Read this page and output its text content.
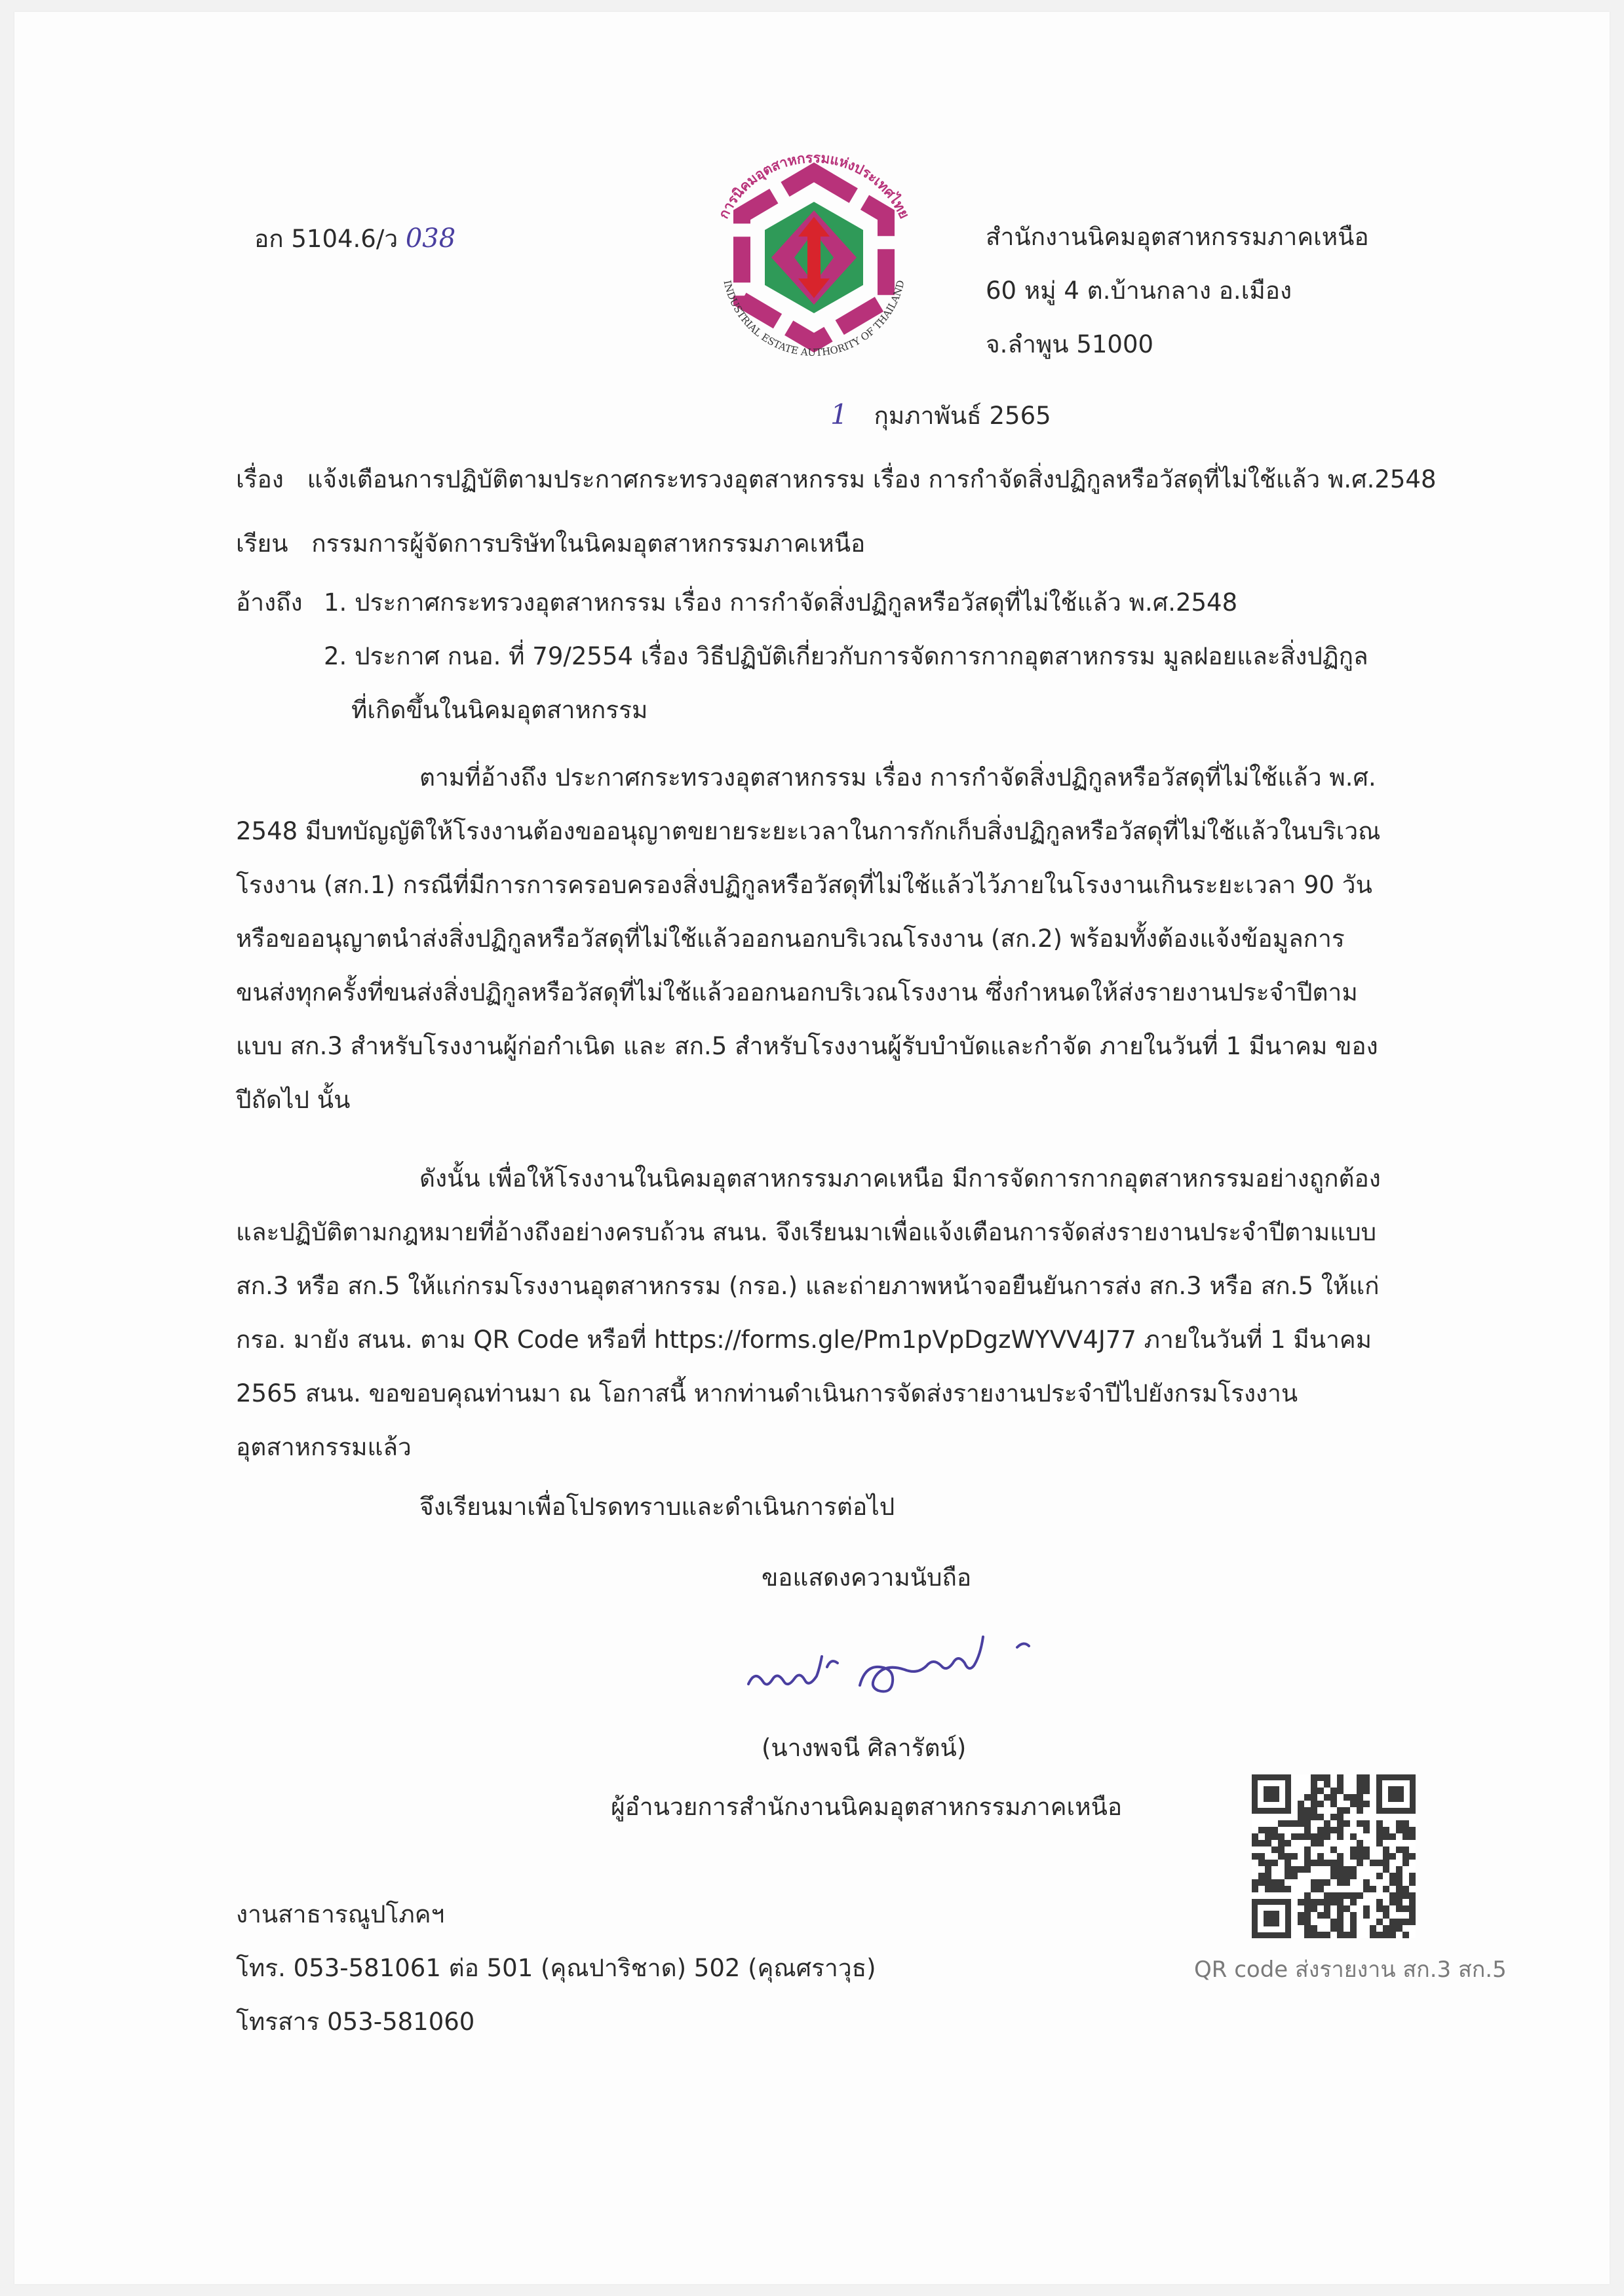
อก 5104.6/ว 038
การนิคมอุตสาหกรรมแห่งประเทศไทย
INDUSTRIAL ESTATE AUTHORITY OF THAILAND
สำนักงานนิคมอุตสาหกรรมภาคเหนือ
60 หมู่ 4 ต.บ้านกลาง อ.เมือง
จ.ลำพูน 51000
1 กุมภาพันธ์ 2565
เรื่อง แจ้งเตือนการปฏิบัติตามประกาศกระทรวงอุตสาหกรรม เรื่อง การกำจัดสิ่งปฏิกูลหรือวัสดุที่ไม่ใช้แล้ว พ.ศ.2548
เรียน กรรมการผู้จัดการบริษัทในนิคมอุตสาหกรรมภาคเหนือ
อ้างถึง 1. ประกาศกระทรวงอุตสาหกรรม เรื่อง การกำจัดสิ่งปฏิกูลหรือวัสดุที่ไม่ใช้แล้ว พ.ศ.2548
2. ประกาศ กนอ. ที่ 79/2554 เรื่อง วิธีปฏิบัติเกี่ยวกับการจัดการกากอุตสาหกรรม มูลฝอยและสิ่งปฏิกูล
ที่เกิดขึ้นในนิคมอุตสาหกรรม
ตามที่อ้างถึง ประกาศกระทรวงอุตสาหกรรม เรื่อง การกำจัดสิ่งปฏิกูลหรือวัสดุที่ไม่ใช้แล้ว พ.ศ.
2548 มีบทบัญญัติให้โรงงานต้องขออนุญาตขยายระยะเวลาในการกักเก็บสิ่งปฏิกูลหรือวัสดุที่ไม่ใช้แล้วในบริเวณ
โรงงาน (สก.1) กรณีที่มีการการครอบครองสิ่งปฏิกูลหรือวัสดุที่ไม่ใช้แล้วไว้ภายในโรงงานเกินระยะเวลา 90 วัน
หรือขออนุญาตนำส่งสิ่งปฏิกูลหรือวัสดุที่ไม่ใช้แล้วออกนอกบริเวณโรงงาน (สก.2) พร้อมทั้งต้องแจ้งข้อมูลการ
ขนส่งทุกครั้งที่ขนส่งสิ่งปฏิกูลหรือวัสดุที่ไม่ใช้แล้วออกนอกบริเวณโรงงาน ซึ่งกำหนดให้ส่งรายงานประจำปีตาม
แบบ สก.3 สำหรับโรงงานผู้ก่อกำเนิด และ สก.5 สำหรับโรงงานผู้รับบำบัดและกำจัด ภายในวันที่ 1 มีนาคม ของ
ปีถัดไป นั้น
ดังนั้น เพื่อให้โรงงานในนิคมอุตสาหกรรมภาคเหนือ มีการจัดการกากอุตสาหกรรมอย่างถูกต้อง
และปฏิบัติตามกฎหมายที่อ้างถึงอย่างครบถ้วน สนน. จึงเรียนมาเพื่อแจ้งเตือนการจัดส่งรายงานประจำปีตามแบบ
สก.3 หรือ สก.5 ให้แก่กรมโรงงานอุตสาหกรรม (กรอ.) และถ่ายภาพหน้าจอยืนยันการส่ง สก.3 หรือ สก.5 ให้แก่
กรอ. มายัง สนน. ตาม QR Code หรือที่ https://forms.gle/Pm1pVpDgzWYVV4J77 ภายในวันที่ 1 มีนาคม
2565 สนน. ขอขอบคุณท่านมา ณ โอกาสนี้ หากท่านดำเนินการจัดส่งรายงานประจำปีไปยังกรมโรงงาน
อุตสาหกรรมแล้ว
จึงเรียนมาเพื่อโปรดทราบและดำเนินการต่อไป
ขอแสดงความนับถือ
(นางพจนี ศิลารัตน์)
ผู้อำนวยการสำนักงานนิคมอุตสาหกรรมภาคเหนือ
QR code ส่งรายงาน สก.3 สก.5
งานสาธารณูปโภคฯ
โทร. 053-581061 ต่อ 501 (คุณปาริชาด) 502 (คุณศราวุธ)
โทรสาร 053-581060
